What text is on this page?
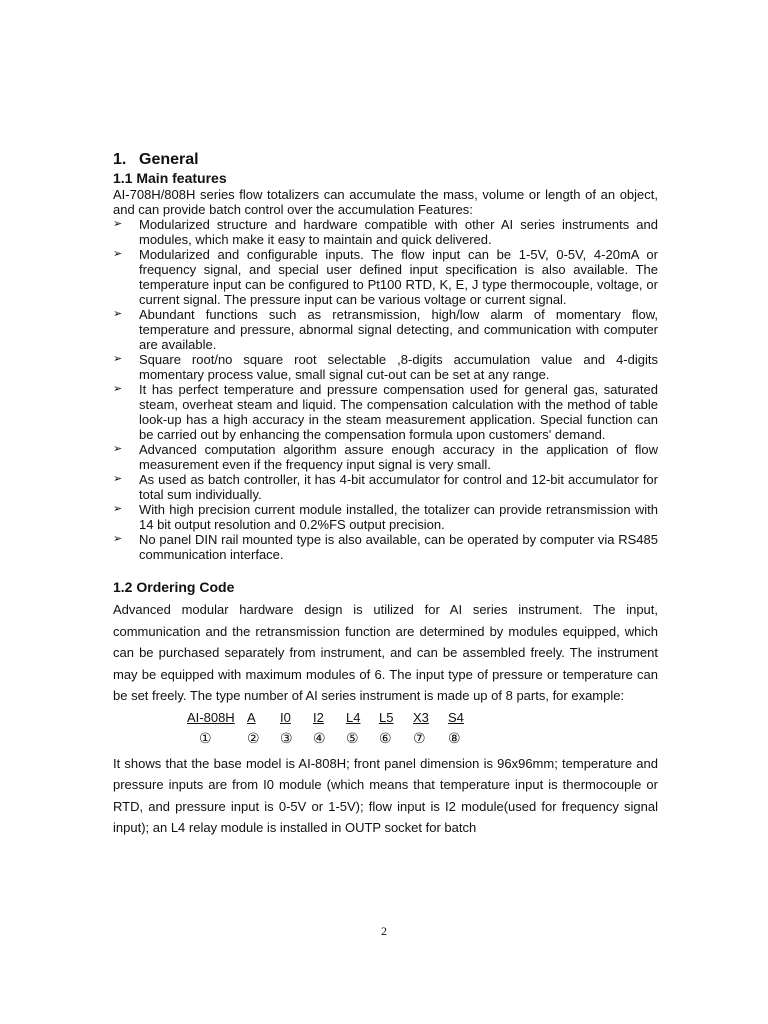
1. General
1.1 Main features

AI-708H/808H series flow totalizers can accumulate the mass, volume or length of an object, and can provide batch control over the accumulation Features:

➢ Modularized structure and hardware compatible with other AI series instruments and modules, which make it easy to maintain and quick delivered.
➢ Modularized and configurable inputs. The flow input can be 1-5V, 0-5V, 4-20mA or frequency signal, and special user defined input specification is also available. The temperature input can be configured to Pt100 RTD, K, E, J type thermocouple, voltage, or current signal. The pressure input can be various voltage or current signal.
➢ Abundant functions such as retransmission, high/low alarm of momentary flow, temperature and pressure, abnormal signal detecting, and communication with computer are available.
➢ Square root/no square root selectable ,8-digits accumulation value and 4-digits momentary process value, small signal cut-out can be set at any range.
➢ It has perfect temperature and pressure compensation used for general gas, saturated steam, overheat steam and liquid. The compensation calculation with the method of table look-up has a high accuracy in the steam measurement application. Special function can be carried out by enhancing the compensation formula upon customers' demand.
➢ Advanced computation algorithm assure enough accuracy in the application of flow measurement even if the frequency input signal is very small.
➢ As used as batch controller, it has 4-bit accumulator for control and 12-bit accumulator for total sum individually.
➢ With high precision current module installed, the totalizer can provide retransmission with 14 bit output resolution and 0.2%FS output precision.
➢ No panel DIN rail mounted type is also available, can be operated by computer via RS485 communication interface.
1.2 Ordering Code

Advanced modular hardware design is utilized for AI series instrument. The input, communication and the retransmission function are determined by modules equipped, which can be purchased separately from instrument, and can be assembled freely. The instrument may be equipped with maximum modules of 6. The input type of pressure or temperature can be set freely. The type number of AI series instrument is made up of 8 parts, for example:

AI-808H A	I0	I2	L4	L5	X3	S4
①	②	③	④	⑤	⑥	⑦	⑧

It shows that the base model is AI-808H; front panel dimension is 96x96mm; temperature and pressure inputs are from I0 module (which means that temperature input is thermocouple or RTD, and pressure input is 0-5V or 1-5V); flow input is I2 module(used for frequency signal input); an L4 relay module is installed in OUTP socket for batch

2
